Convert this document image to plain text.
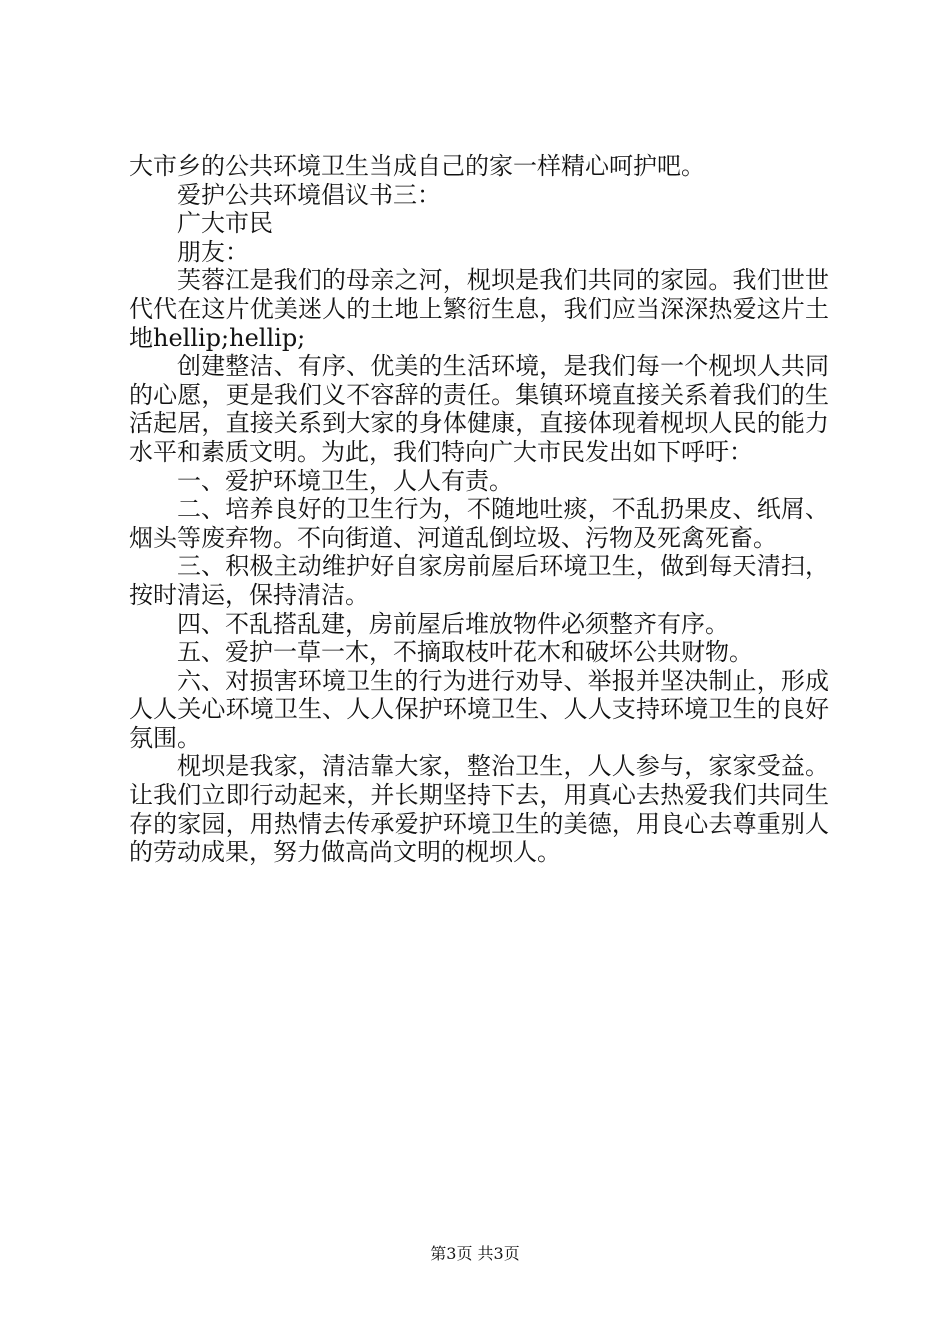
大市乡的公共环境卫生当成自己的家一样精心呵护吧。

爱护公共环境倡议书三：

广大市民

朋友：

芙蓉江是我们的母亲之河，枧坝是我们共同的家园。我们世世代代在这片优美迷人的土地上繁衍生息，我们应当深深热爱这片土地hellip;hellip;

创建整洁、有序、优美的生活环境，是我们每一个枧坝人共同的心愿，更是我们义不容辞的责任。集镇环境直接关系着我们的生活起居，直接关系到大家的身体健康，直接体现着枧坝人民的能力水平和素质文明。为此，我们特向广大市民发出如下呼吁：

一、爱护环境卫生，人人有责。

二、培养良好的卫生行为，不随地吐痰，不乱扔果皮、纸屑、烟头等废弃物。不向街道、河道乱倒垃圾、污物及死禽死畜。

三、积极主动维护好自家房前屋后环境卫生，做到每天清扫，按时清运，保持清洁。

四、不乱搭乱建，房前屋后堆放物件必须整齐有序。

五、爱护一草一木，不摘取枝叶花木和破坏公共财物。

六、对损害环境卫生的行为进行劝导、举报并坚决制止，形成人人关心环境卫生、人人保护环境卫生、人人支持环境卫生的良好氛围。

枧坝是我家，清洁靠大家，整治卫生，人人参与，家家受益。让我们立即行动起来，并长期坚持下去，用真心去热爱我们共同生存的家园，用热情去传承爱护环境卫生的美德，用良心去尊重别人的劳动成果，努力做高尚文明的枧坝人。

第3页 共3页
